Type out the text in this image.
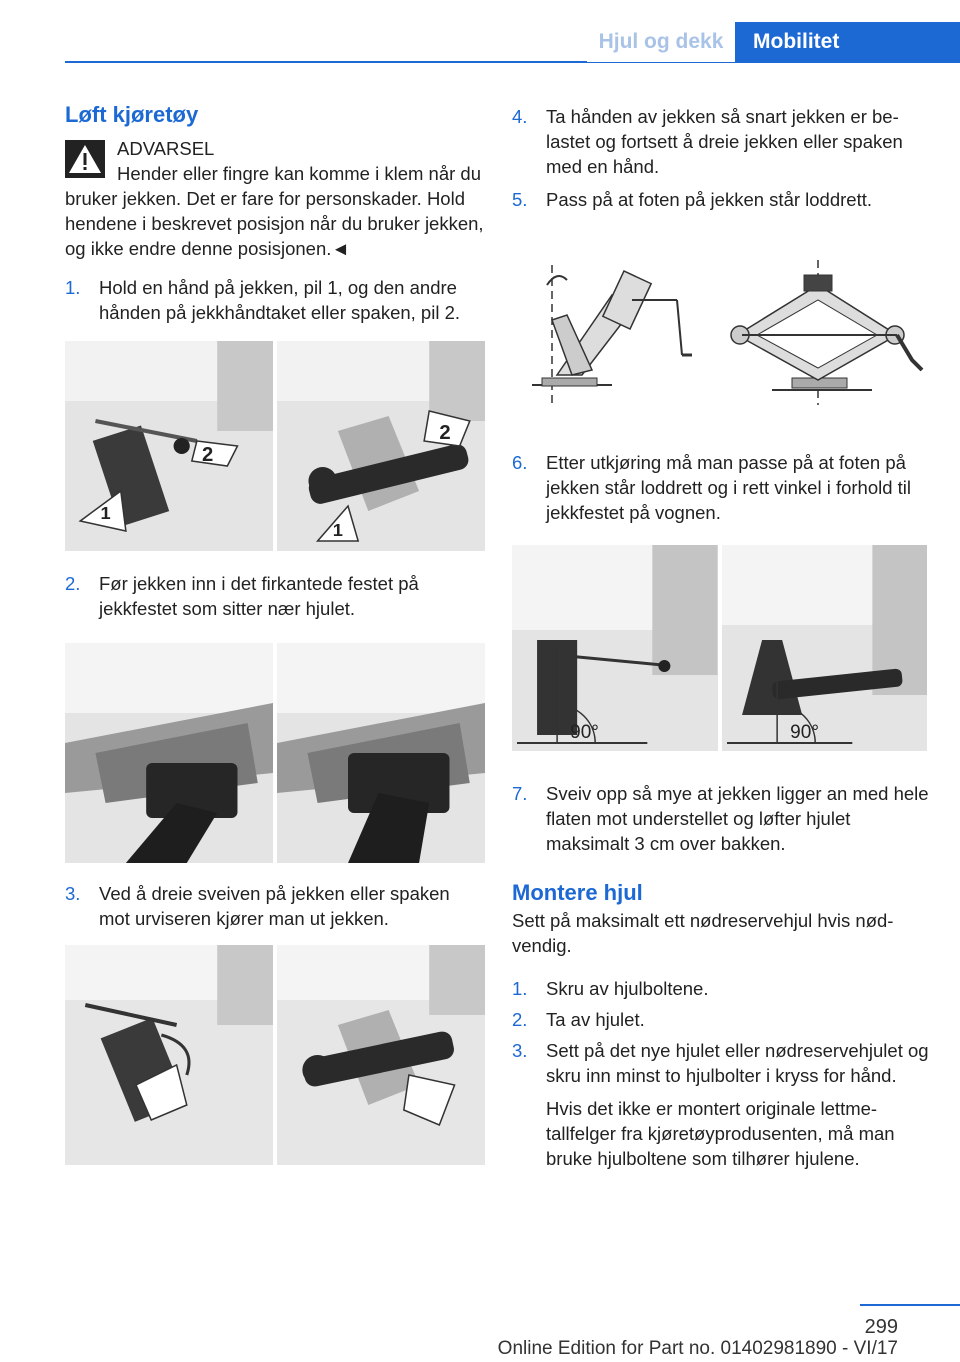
Hjul og dekk	Mobilitet
Løft kjøretøy
ADVARSEL
Hender eller fingre kan komme i klem når du bruker jekken. Det er fare for personskader. Hold hendene i beskrevet posisjon når du bruker jekken, og ikke endre denne posisjonen.◄
1.	Hold en hånd på jekken, pil 1, og den andre hånden på jekkhåndtaket eller spaken, pil 2.
2
1
2
1
2.	Før jekken inn i det firkantede festet på jekkfestet som sitter nær hjulet.
3.	Ved å dreie sveiven på jekken eller spaken mot urviseren kjører man ut jekken.
4.	Ta hånden av jekken så snart jekken er belastet og fortsett å dreie jekken eller spaken med en hånd.
5.	Pass på at foten på jekken står loddrett.
6.	Etter utkjøring må man passe på at foten på jekken står loddrett og i rett vinkel i forhold til jekkfestet på vognen.
90°	90°
7.	Sveiv opp så mye at jekken ligger an med hele flaten mot understellet og løfter hjulet maksimalt 3 cm over bakken.
Montere hjul

Sett på maksimalt ett nødreservehjul hvis nødvendig.

1.	Skru av hjulboltene.
2.	Ta av hjulet.
3.	Sett på det nye hjulet eller nødreservehjulet og skru inn minst to hjulbolter i kryss for hånd.
Hvis det ikke er montert originale lettmetallfelger fra kjøretøyprodusenten, må man bruke hjulboltene som tilhører hjulene.
299
Online Edition for Part no. 01402981890 - VI/17
